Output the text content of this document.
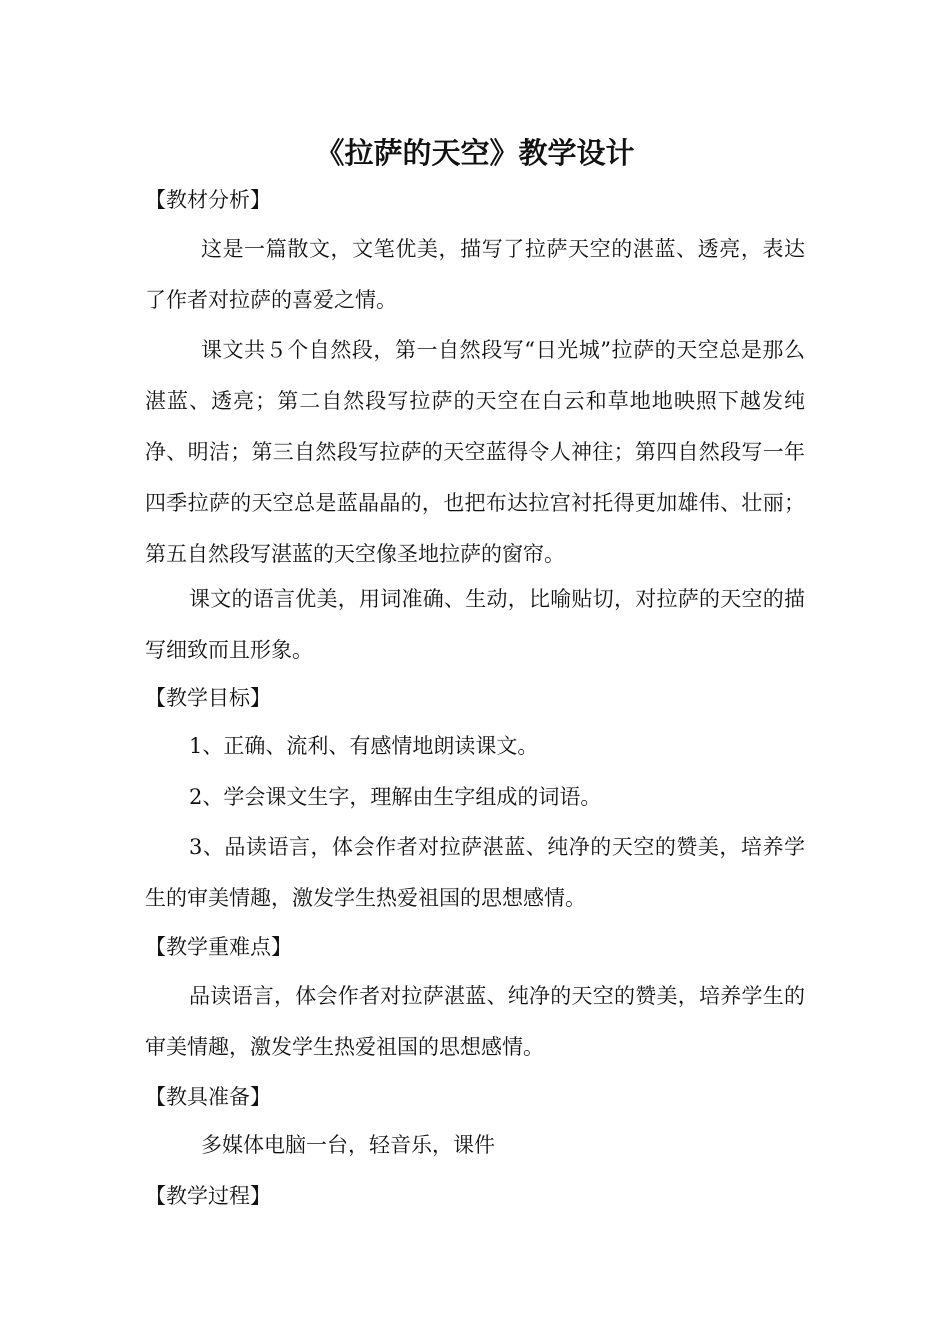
《拉萨的天空》教学设计
【教材分析】
这是一篇散文，文笔优美，描写了拉萨天空的湛蓝、透亮，表达了作者对拉萨的喜爱之情。
课文共５个自然段，第一自然段写“日光城”拉萨的天空总是那么湛蓝、透亮；第二自然段写拉萨的天空在白云和草地地映照下越发纯净、明洁；第三自然段写拉萨的天空蓝得令人神往；第四自然段写一年四季拉萨的天空总是蓝晶晶的，也把布达拉宫衬托得更加雄伟、壮丽；第五自然段写湛蓝的天空像圣地拉萨的窗帘。
课文的语言优美，用词准确、生动，比喻贴切，对拉萨的天空的描写细致而且形象。
【教学目标】
1、正确、流利、有感情地朗读课文。
2、学会课文生字，理解由生字组成的词语。
3、品读语言，体会作者对拉萨湛蓝、纯净的天空的赞美，培养学生的审美情趣，激发学生热爱祖国的思想感情。
【教学重难点】
品读语言，体会作者对拉萨湛蓝、纯净的天空的赞美，培养学生的审美情趣，激发学生热爱祖国的思想感情。
【教具准备】
多媒体电脑一台，轻音乐，课件
【教学过程】
